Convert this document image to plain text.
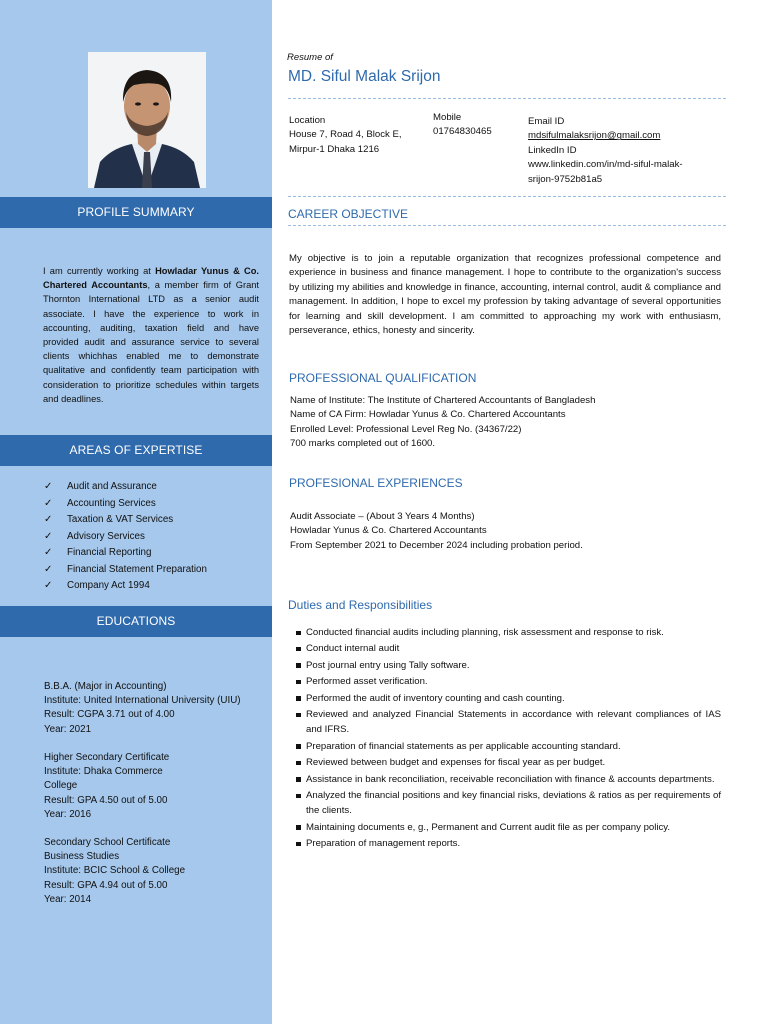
PROFILE SUMMARY
I am currently working at Howladar Yunus & Co. Chartered Accountants, a member firm of Grant Thornton International LTD as a senior audit associate. I have the experience to work in accounting, auditing, taxation field and have provided audit and assurance service to several clients whichhas enabled me to demonstrate qualitative and confidently team participation with consideration to prioritize schedules within targets and deadlines.
AREAS OF EXPERTISE
✓ Audit and Assurance
✓ Accounting Services
✓ Taxation & VAT Services
✓ Advisory Services
✓ Financial Reporting
✓ Financial Statement Preparation
✓ Company Act 1994
EDUCATIONS
B.B.A. (Major in Accounting)
Institute: United International University (UIU)
Result: CGPA 3.71 out of 4.00
Year: 2021
Higher Secondary Certificate
Institute: Dhaka Commerce
College
Result: GPA 4.50 out of 5.00
Year: 2016
Secondary School Certificate
Business Studies
Institute: BCIC School & College
Result: GPA 4.94 out of 5.00
Year: 2014
Resume of
MD. Siful Malak Srijon
Location
House 7, Road 4, Block E,
Mirpur-1 Dhaka 1216
Mobile
01764830465
Email ID
mdsifulmalaksrijon@gmail.com
LinkedIn ID
www.linkedin.com/in/md-siful-malak-
srijon-9752b81a5
CAREER OBJECTIVE
My objective is to join a reputable organization that recognizes professional competence and experience in business and finance management. I hope to contribute to the organization's success by utilizing my abilities and knowledge in finance, accounting, internal control, audit & compliance and management. In addition, I hope to excel my profession by taking advantage of several opportunities for learning and skill development. I am committed to approaching my work with enthusiasm, perseverance, ethics, honesty and sincerity.
PROFESSIONAL QUALIFICATION
Name of Institute: The Institute of Chartered Accountants of Bangladesh
Name of CA Firm: Howladar Yunus & Co. Chartered Accountants
Enrolled Level: Professional Level Reg No. (34367/22)
700 marks completed out of 1600.
PROFESIONAL EXPERIENCES
Audit Associate – (About 3 Years 4 Months)
Howladar Yunus & Co. Chartered Accountants
From September 2021 to December 2024 including probation period.
Duties and Responsibilities
Conducted financial audits including planning, risk assessment and response to risk.
Conduct internal audit
Post journal entry using Tally software.
Performed asset verification.
Performed the audit of inventory counting and cash counting.
Reviewed and analyzed Financial Statements in accordance with relevant compliances of IAS and IFRS.
Preparation of financial statements as per applicable accounting standard.
Reviewed between budget and expenses for fiscal year as per budget.
Assistance in bank reconciliation, receivable reconciliation with finance & accounts departments.
Analyzed the financial positions and key financial risks, deviations & ratios as per requirements of the clients.
Maintaining documents e, g., Permanent and Current audit file as per company policy.
Preparation of management reports.
